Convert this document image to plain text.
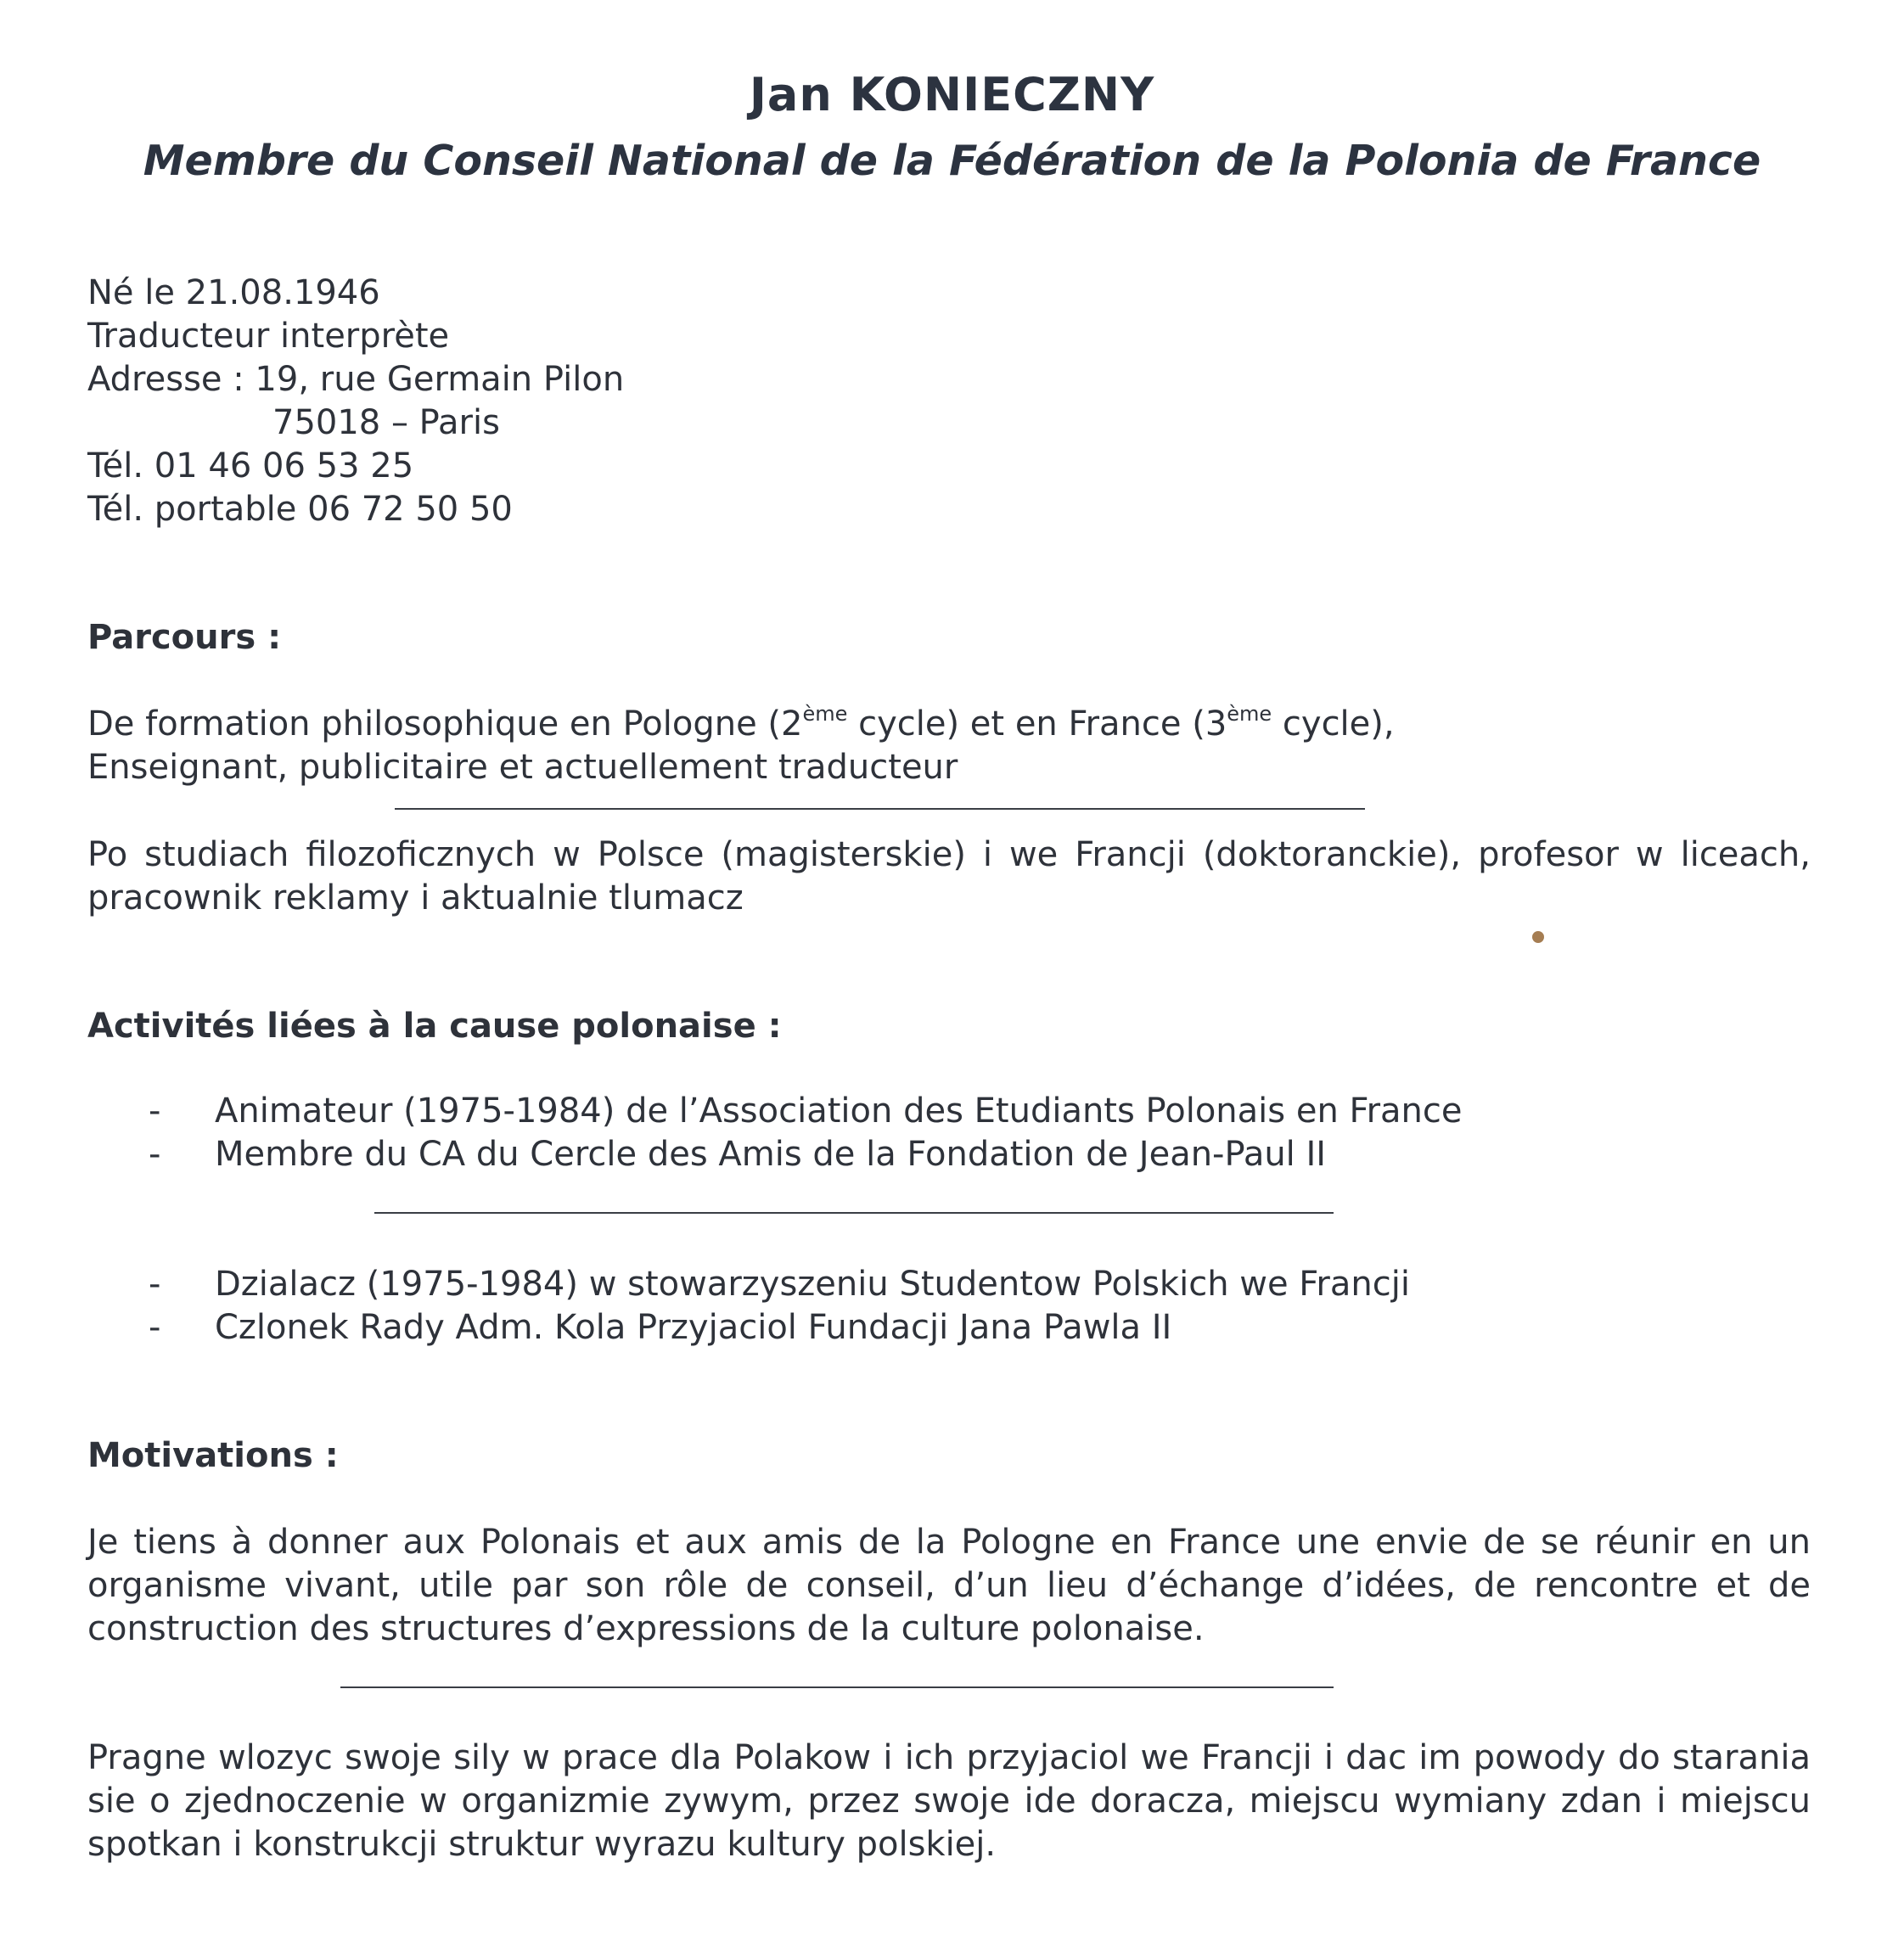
Jan KONIECZNY
Membre du Conseil National de la Fédération de la Polonia de France
Né le 21.08.1946
Traducteur interprète
Adresse : 19, rue Germain Pilon
75018 – Paris
Tél. 01 46 06 53 25
Tél. portable 06 72 50 50
Parcours :
De formation philosophique en Pologne (2ème cycle) et en France (3ème cycle),
Enseignant, publicitaire et actuellement traducteur
Po studiach filozoficznych w Polsce (magisterskie) i we Francji (doktoranckie), profesor w liceach, pracownik reklamy i aktualnie tlumacz
Activités liées à la cause polonaise :
- Animateur (1975-1984) de l’Association des Etudiants Polonais en France
- Membre du CA du Cercle des Amis de la Fondation de Jean-Paul II
- Dzialacz (1975-1984) w stowarzyszeniu Studentow Polskich we Francji
- Czlonek Rady Adm. Kola Przyjaciol Fundacji Jana Pawla II
Motivations :
Je tiens à donner aux Polonais et aux amis de la Pologne en France une envie de se réunir en un organisme vivant, utile par son rôle de conseil, d’un lieu d’échange d’idées, de rencontre et de construction des structures d’expressions de la culture polonaise.
Pragne wlozyc swoje sily w prace dla Polakow i ich przyjaciol we Francji i dac im powody do starania sie o zjednoczenie w organizmie zywym, przez swoje ide doracza, miejscu wymiany zdan i miejscu spotkan i konstrukcji struktur wyrazu kultury polskiej.
